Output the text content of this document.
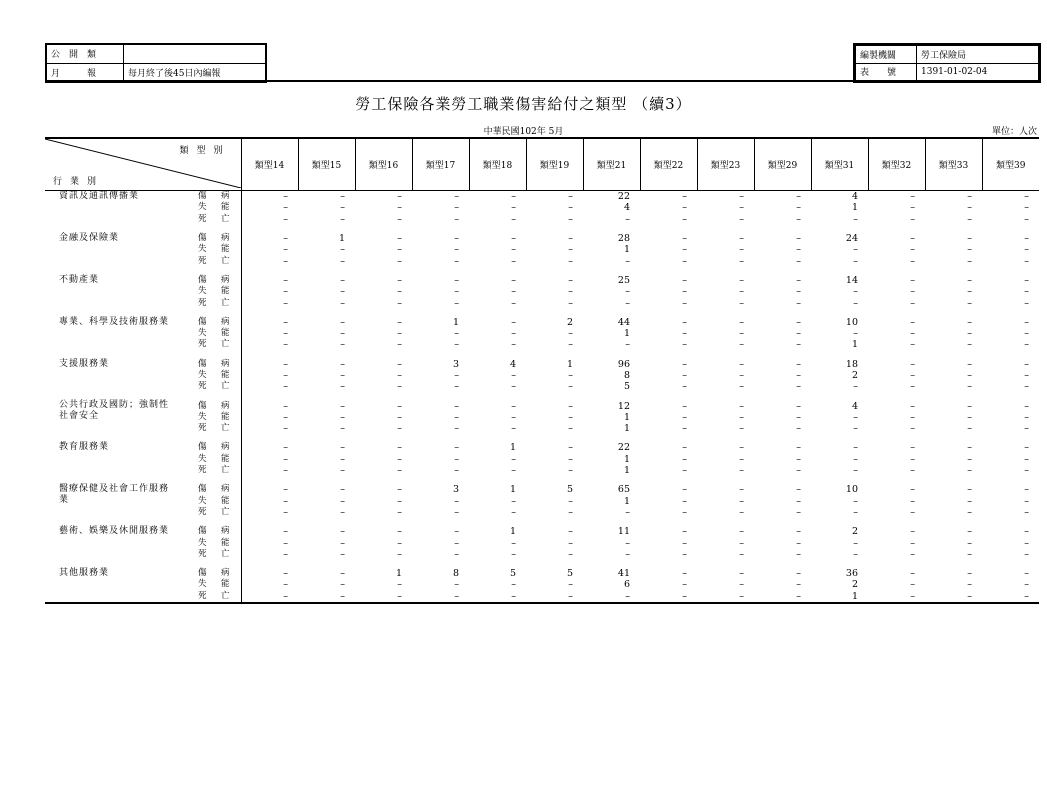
公　開　類	
月　　　報	每月終了後45日內編報
編製機關	勞工保險局
表　　號	1391-01-02-04
勞工保險各業勞工職業傷害給付之類型 （續3）
中華民國102年 5月	單位：人次
類型別
行業別		類型14	類型15	類型16	類型17	類型18	類型19	類型21	類型22	類型23	類型29	類型31	類型32	類型33	類型39
資訊及通訊傳播業	傷　病	–	–	–	–	–	–	22	–	–	–	4	–	–	–
	失　能	–	–	–	–	–	–	4	–	–	–	1	–	–	–
	死　亡	–	–	–	–	–	–	–	–	–	–	–	–	–	–

金融及保險業	傷　病	–	1	–	–	–	–	28	–	–	–	24	–	–	–
	失　能	–	–	–	–	–	–	1	–	–	–	–	–	–	–
	死　亡	–	–	–	–	–	–	–	–	–	–	–	–	–	–

不動產業	傷　病	–	–	–	–	–	–	25	–	–	–	14	–	–	–
	失　能	–	–	–	–	–	–	–	–	–	–	–	–	–	–
	死　亡	–	–	–	–	–	–	–	–	–	–	–	–	–	–

專業、科學及技術服務業	傷　病	–	–	–	1	–	2	44	–	–	–	10	–	–	–
	失　能	–	–	–	–	–	–	1	–	–	–	–	–	–	–
	死　亡	–	–	–	–	–	–	–	–	–	–	1	–	–	–

支援服務業	傷　病	–	–	–	3	4	1	96	–	–	–	18	–	–	–
	失　能	–	–	–	–	–	–	8	–	–	–	2	–	–	–
	死　亡	–	–	–	–	–	–	5	–	–	–	–	–	–	–

公共行政及國防；強制性社會安全	傷　病	–	–	–	–	–	–	12	–	–	–	4	–	–	–
	失　能	–	–	–	–	–	–	1	–	–	–	–	–	–	–
	死　亡	–	–	–	–	–	–	1	–	–	–	–	–	–	–

教育服務業	傷　病	–	–	–	–	1	–	22	–	–	–	–	–	–	–
	失　能	–	–	–	–	–	–	1	–	–	–	–	–	–	–
	死　亡	–	–	–	–	–	–	1	–	–	–	–	–	–	–

醫療保健及社會工作服務業	傷　病	–	–	–	3	1	5	65	–	–	–	10	–	–	–
	失　能	–	–	–	–	–	–	1	–	–	–	–	–	–	–
	死　亡	–	–	–	–	–	–	–	–	–	–	–	–	–	–

藝術、娛樂及休閒服務業	傷　病	–	–	–	–	1	–	11	–	–	–	2	–	–	–
	失　能	–	–	–	–	–	–	–	–	–	–	–	–	–	–
	死　亡	–	–	–	–	–	–	–	–	–	–	–	–	–	–

其他服務業	傷　病	–	–	1	8	5	5	41	–	–	–	36	–	–	–
	失　能	–	–	–	–	–	–	6	–	–	–	2	–	–	–
	死　亡	–	–	–	–	–	–	–	–	–	–	1	–	–	–
